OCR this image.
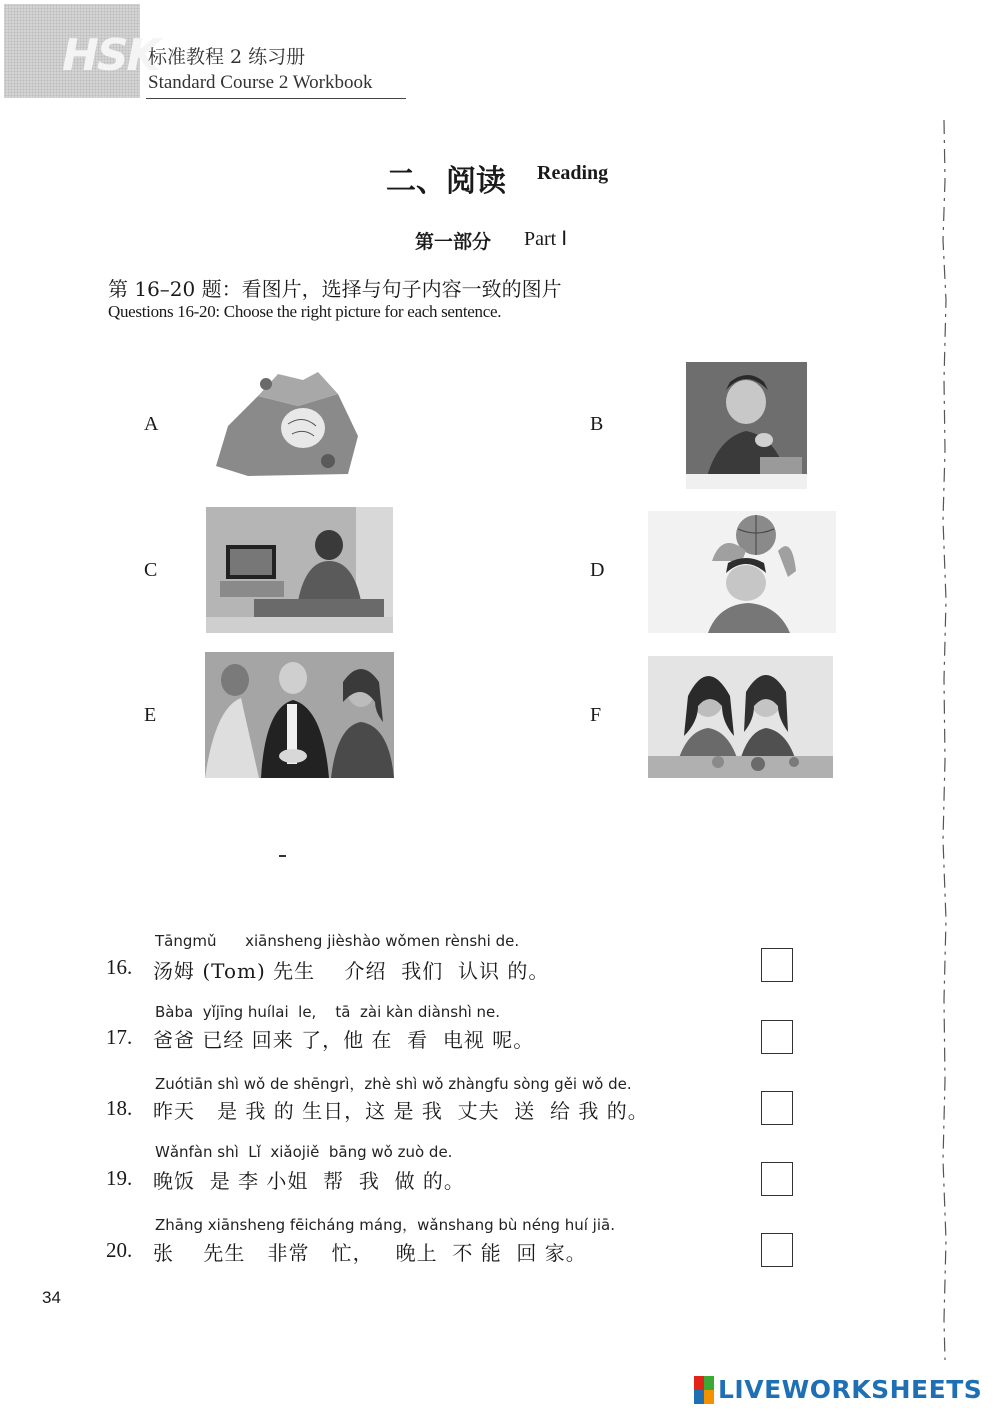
HSK
标准教程 2 练习册
Standard Course 2 Workbook
二、阅读 Reading
第一部分 Part Ⅰ
第 16–20 题：看图片，选择与句子内容一致的图片
Questions 16-20: Choose the right picture for each sentence.
A	B
C	D
E	F
Tāngmǔ      xiānsheng jièshào wǒmen rènshi de.
16. 汤姆 (Tom) 先生    介绍  我们  认识 的。
Bàba  yǐjīng huílai  le,    tā  zài kàn diànshì ne.
17. 爸爸 已经 回来 了，他 在  看  电视 呢。
Zuótiān shì wǒ de shēngrì，zhè shì wǒ zhàngfu sòng gěi wǒ de.
18. 昨天   是 我 的 生日，这 是 我  丈夫  送  给 我 的。
Wǎnfàn shì  Lǐ  xiǎojiě  bāng wǒ zuò de.
19. 晚饭  是 李 小姐  帮  我  做 的。
Zhāng xiānsheng fēicháng máng，wǎnshang bù néng huí jiā.
20. 张    先生   非常   忙，   晚上  不 能  回 家。
34
LIVEWORKSHEETS
